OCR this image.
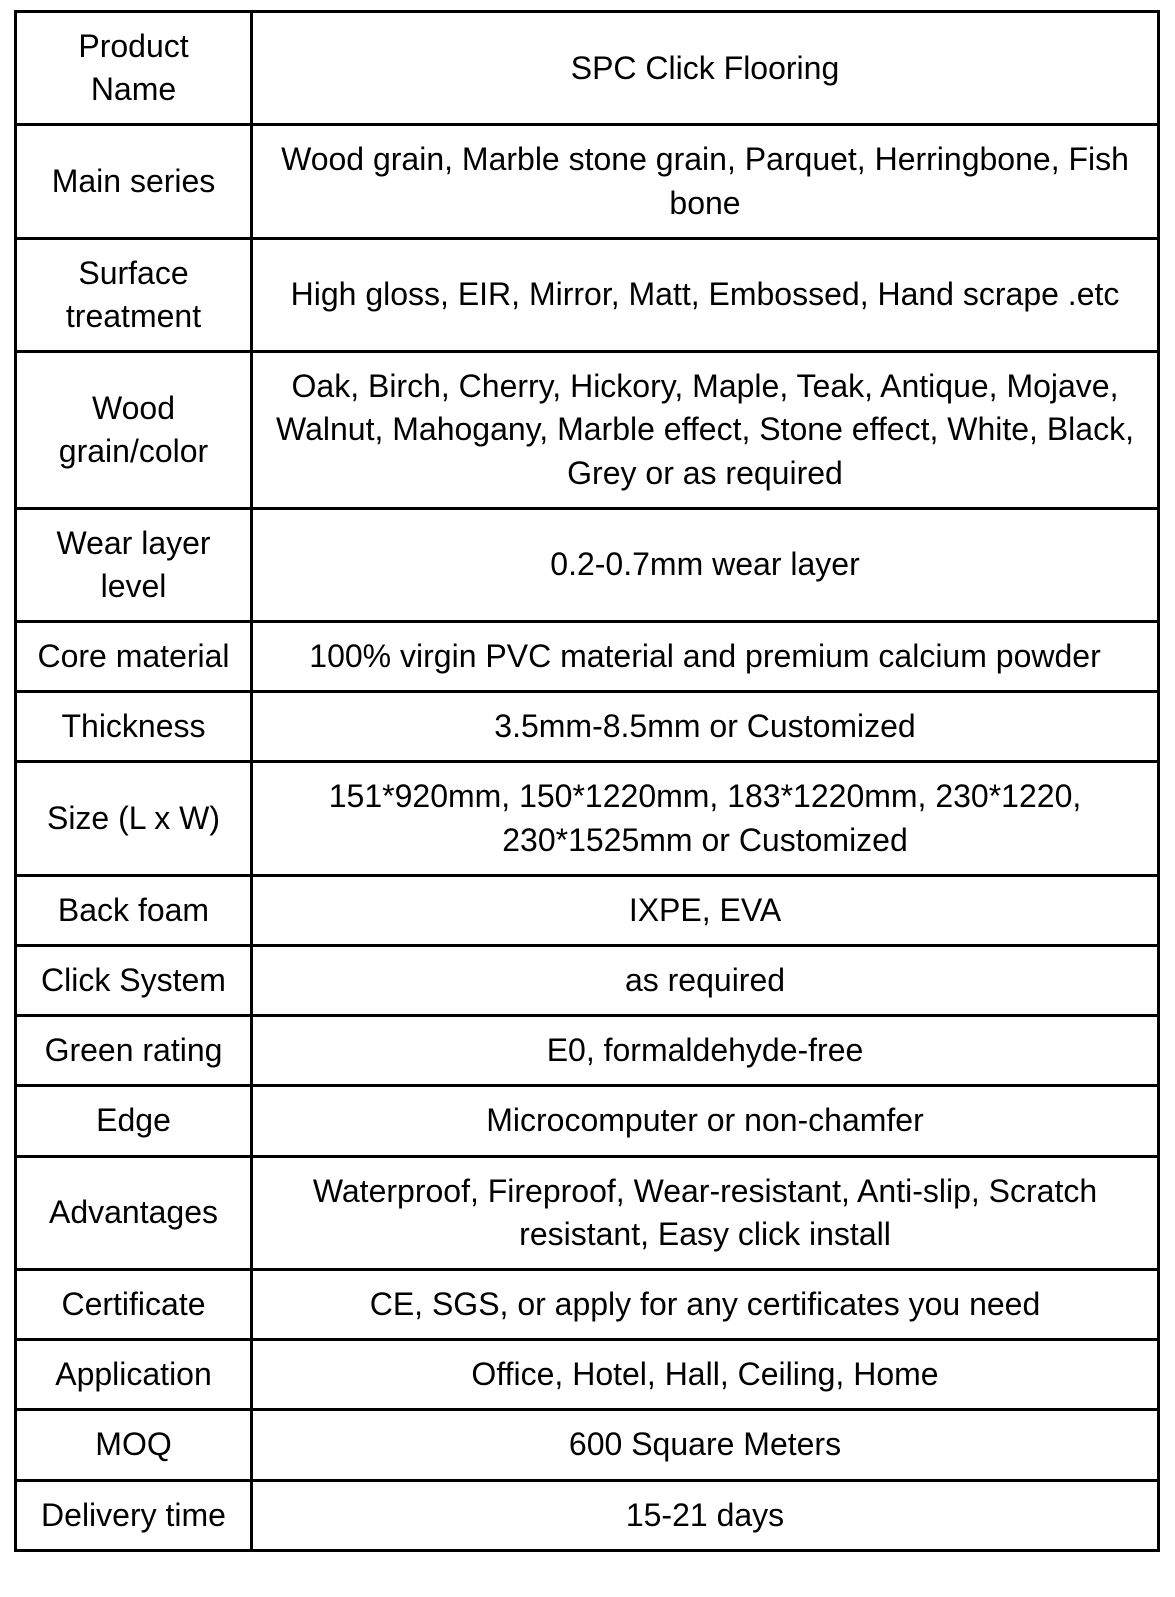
Product Name	SPC Click Flooring
Main series	Wood grain, Marble stone grain, Parquet, Herringbone, Fish bone
Surface treatment	High gloss, EIR, Mirror, Matt, Embossed, Hand scrape .etc
Wood grain/color	Oak, Birch, Cherry, Hickory, Maple, Teak, Antique, Mojave, Walnut, Mahogany, Marble effect, Stone effect, White, Black, Grey or as required
Wear layer level	0.2-0.7mm wear layer
Core material	100% virgin PVC material and premium calcium powder
Thickness	3.5mm-8.5mm or Customized
Size (L x W)	151*920mm, 150*1220mm, 183*1220mm, 230*1220, 230*1525mm or Customized
Back foam	IXPE, EVA
Click System	as required
Green rating	E0, formaldehyde-free
Edge	Microcomputer or non-chamfer
Advantages	Waterproof, Fireproof, Wear-resistant, Anti-slip, Scratch resistant, Easy click install
Certificate	CE, SGS, or apply for any certificates you need
Application	Office, Hotel, Hall, Ceiling, Home
MOQ	600 Square Meters
Delivery time	15-21 days
